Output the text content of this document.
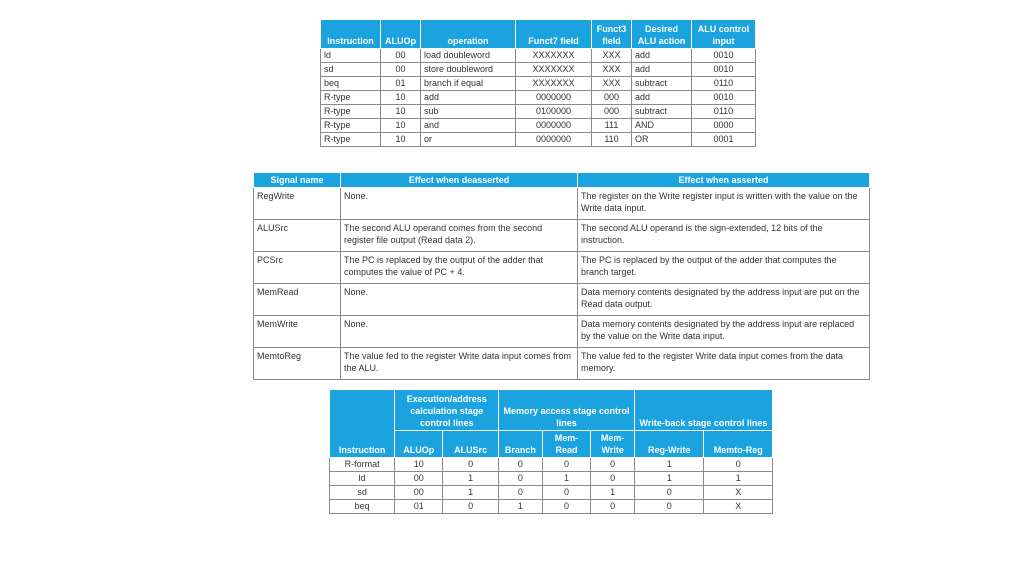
Instruction	ALUOp	operation	Funct7 field	Funct3 field	Desired ALU action	ALU control input
ld	00	load doubleword	XXXXXXX	XXX	add	0010
sd	00	store doubleword	XXXXXXX	XXX	add	0010
beq	01	branch if equal	XXXXXXX	XXX	subtract	0110
R-type	10	add	0000000	000	add	0010
R-type	10	sub	0100000	000	subtract	0110
R-type	10	and	0000000	111	AND	0000
R-type	10	or	0000000	110	OR	0001
Signal name	Effect when deasserted	Effect when asserted
RegWrite	None.	The register on the Write register input is written with the value on the Write data input.
ALUSrc	The second ALU operand comes from the second register file output (Read data 2).	The second ALU operand is the sign-extended, 12 bits of the instruction.
PCSrc	The PC is replaced by the output of the adder that computes the value of PC + 4.	The PC is replaced by the output of the adder that computes the branch target.
MemRead	None.	Data memory contents designated by the address input are put on the Read data output.
MemWrite	None.	Data memory contents designated by the address input are replaced by the value on the Write data input.
MemtoReg	The value fed to the register Write data input comes from the ALU.	The value fed to the register Write data input comes from the data memory.
Instruction	Execution/address calculation stage control lines		Memory access stage control lines			Write-back stage control lines	
	ALUOp	ALUSrc	Branch	Mem-Read	Mem-Write	Reg-Write	Memto-Reg
R-format	10	0	0	0	0	1	0
ld	00	1	0	1	0	1	1
sd	00	1	0	0	1	0	X
beq	01	0	1	0	0	0	X
